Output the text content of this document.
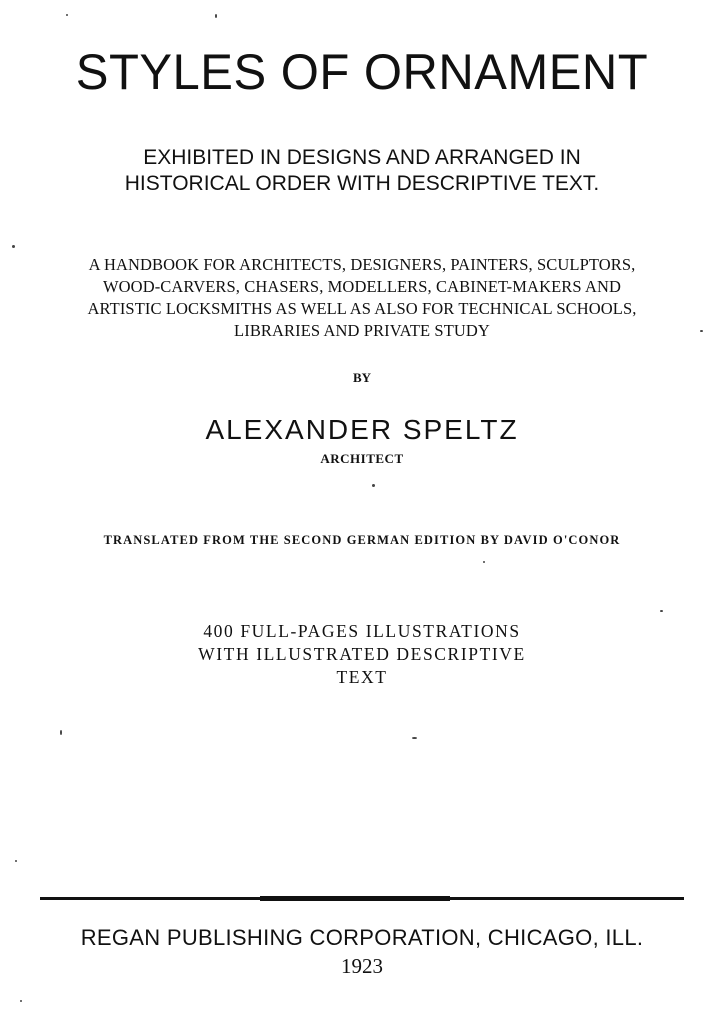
STYLES OF ORNAMENT
EXHIBITED IN DESIGNS AND ARRANGED IN
HISTORICAL ORDER WITH DESCRIPTIVE TEXT.
A HANDBOOK FOR ARCHITECTS, DESIGNERS, PAINTERS, SCULPTORS,
WOOD-CARVERS, CHASERS, MODELLERS, CABINET-MAKERS AND
ARTISTIC LOCKSMITHS AS WELL AS ALSO FOR TECHNICAL SCHOOLS,
LIBRARIES AND PRIVATE STUDY
BY
ALEXANDER SPELTZ
ARCHITECT
TRANSLATED FROM THE SECOND GERMAN EDITION BY DAVID O'CONOR
400 FULL-PAGES ILLUSTRATIONS
WITH ILLUSTRATED DESCRIPTIVE
TEXT
REGAN PUBLISHING CORPORATION, CHICAGO, ILL.
1923
